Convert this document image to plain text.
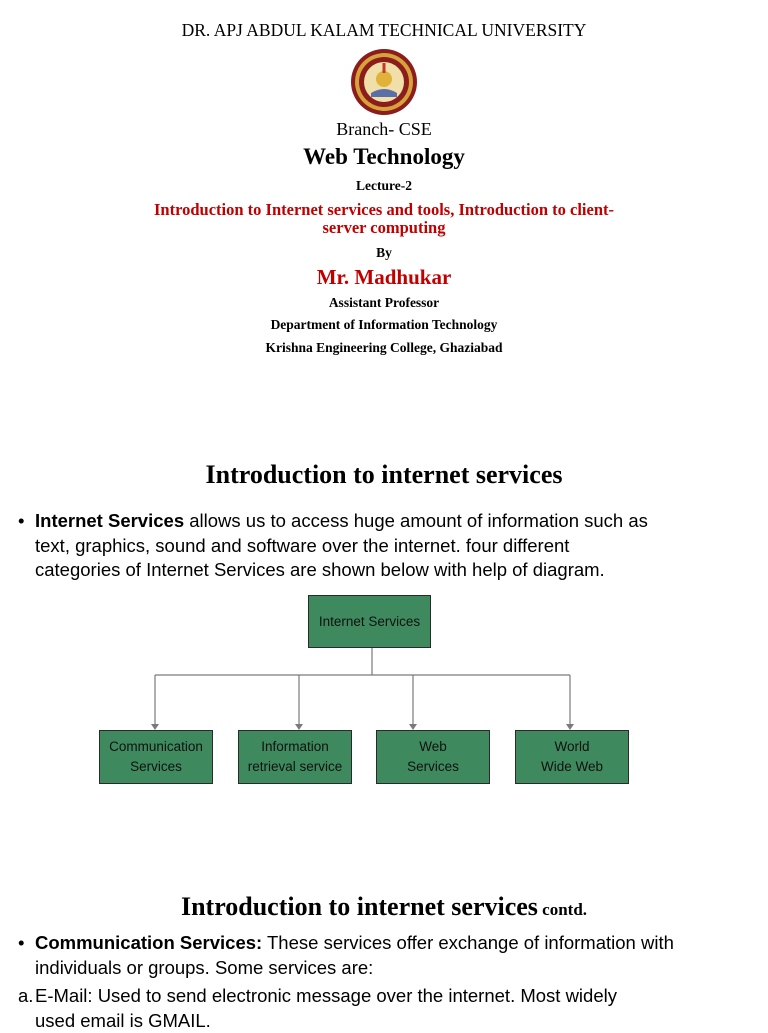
DR. APJ ABDUL KALAM TECHNICAL UNIVERSITY
Branch- CSE
Web Technology
Lecture-2
Introduction to Internet services and tools, Introduction to client-
server computing
By
Mr. Madhukar
Assistant Professor
Department of Information Technology
Krishna Engineering College, Ghaziabad
Introduction to internet services
• Internet Services allows us to access huge amount of information such as
text, graphics, sound and software over the internet. four different
categories of Internet Services are shown below with help of diagram.
Internet Services
Communication
Services
Information
retrieval service
Web
Services
World
Wide Web
Introduction to internet services contd.
• Communication Services: These services offer exchange of information with
individuals or groups. Some services are:
a. E-Mail: Used to send electronic message over the internet. Most widely
used email is GMAIL.
